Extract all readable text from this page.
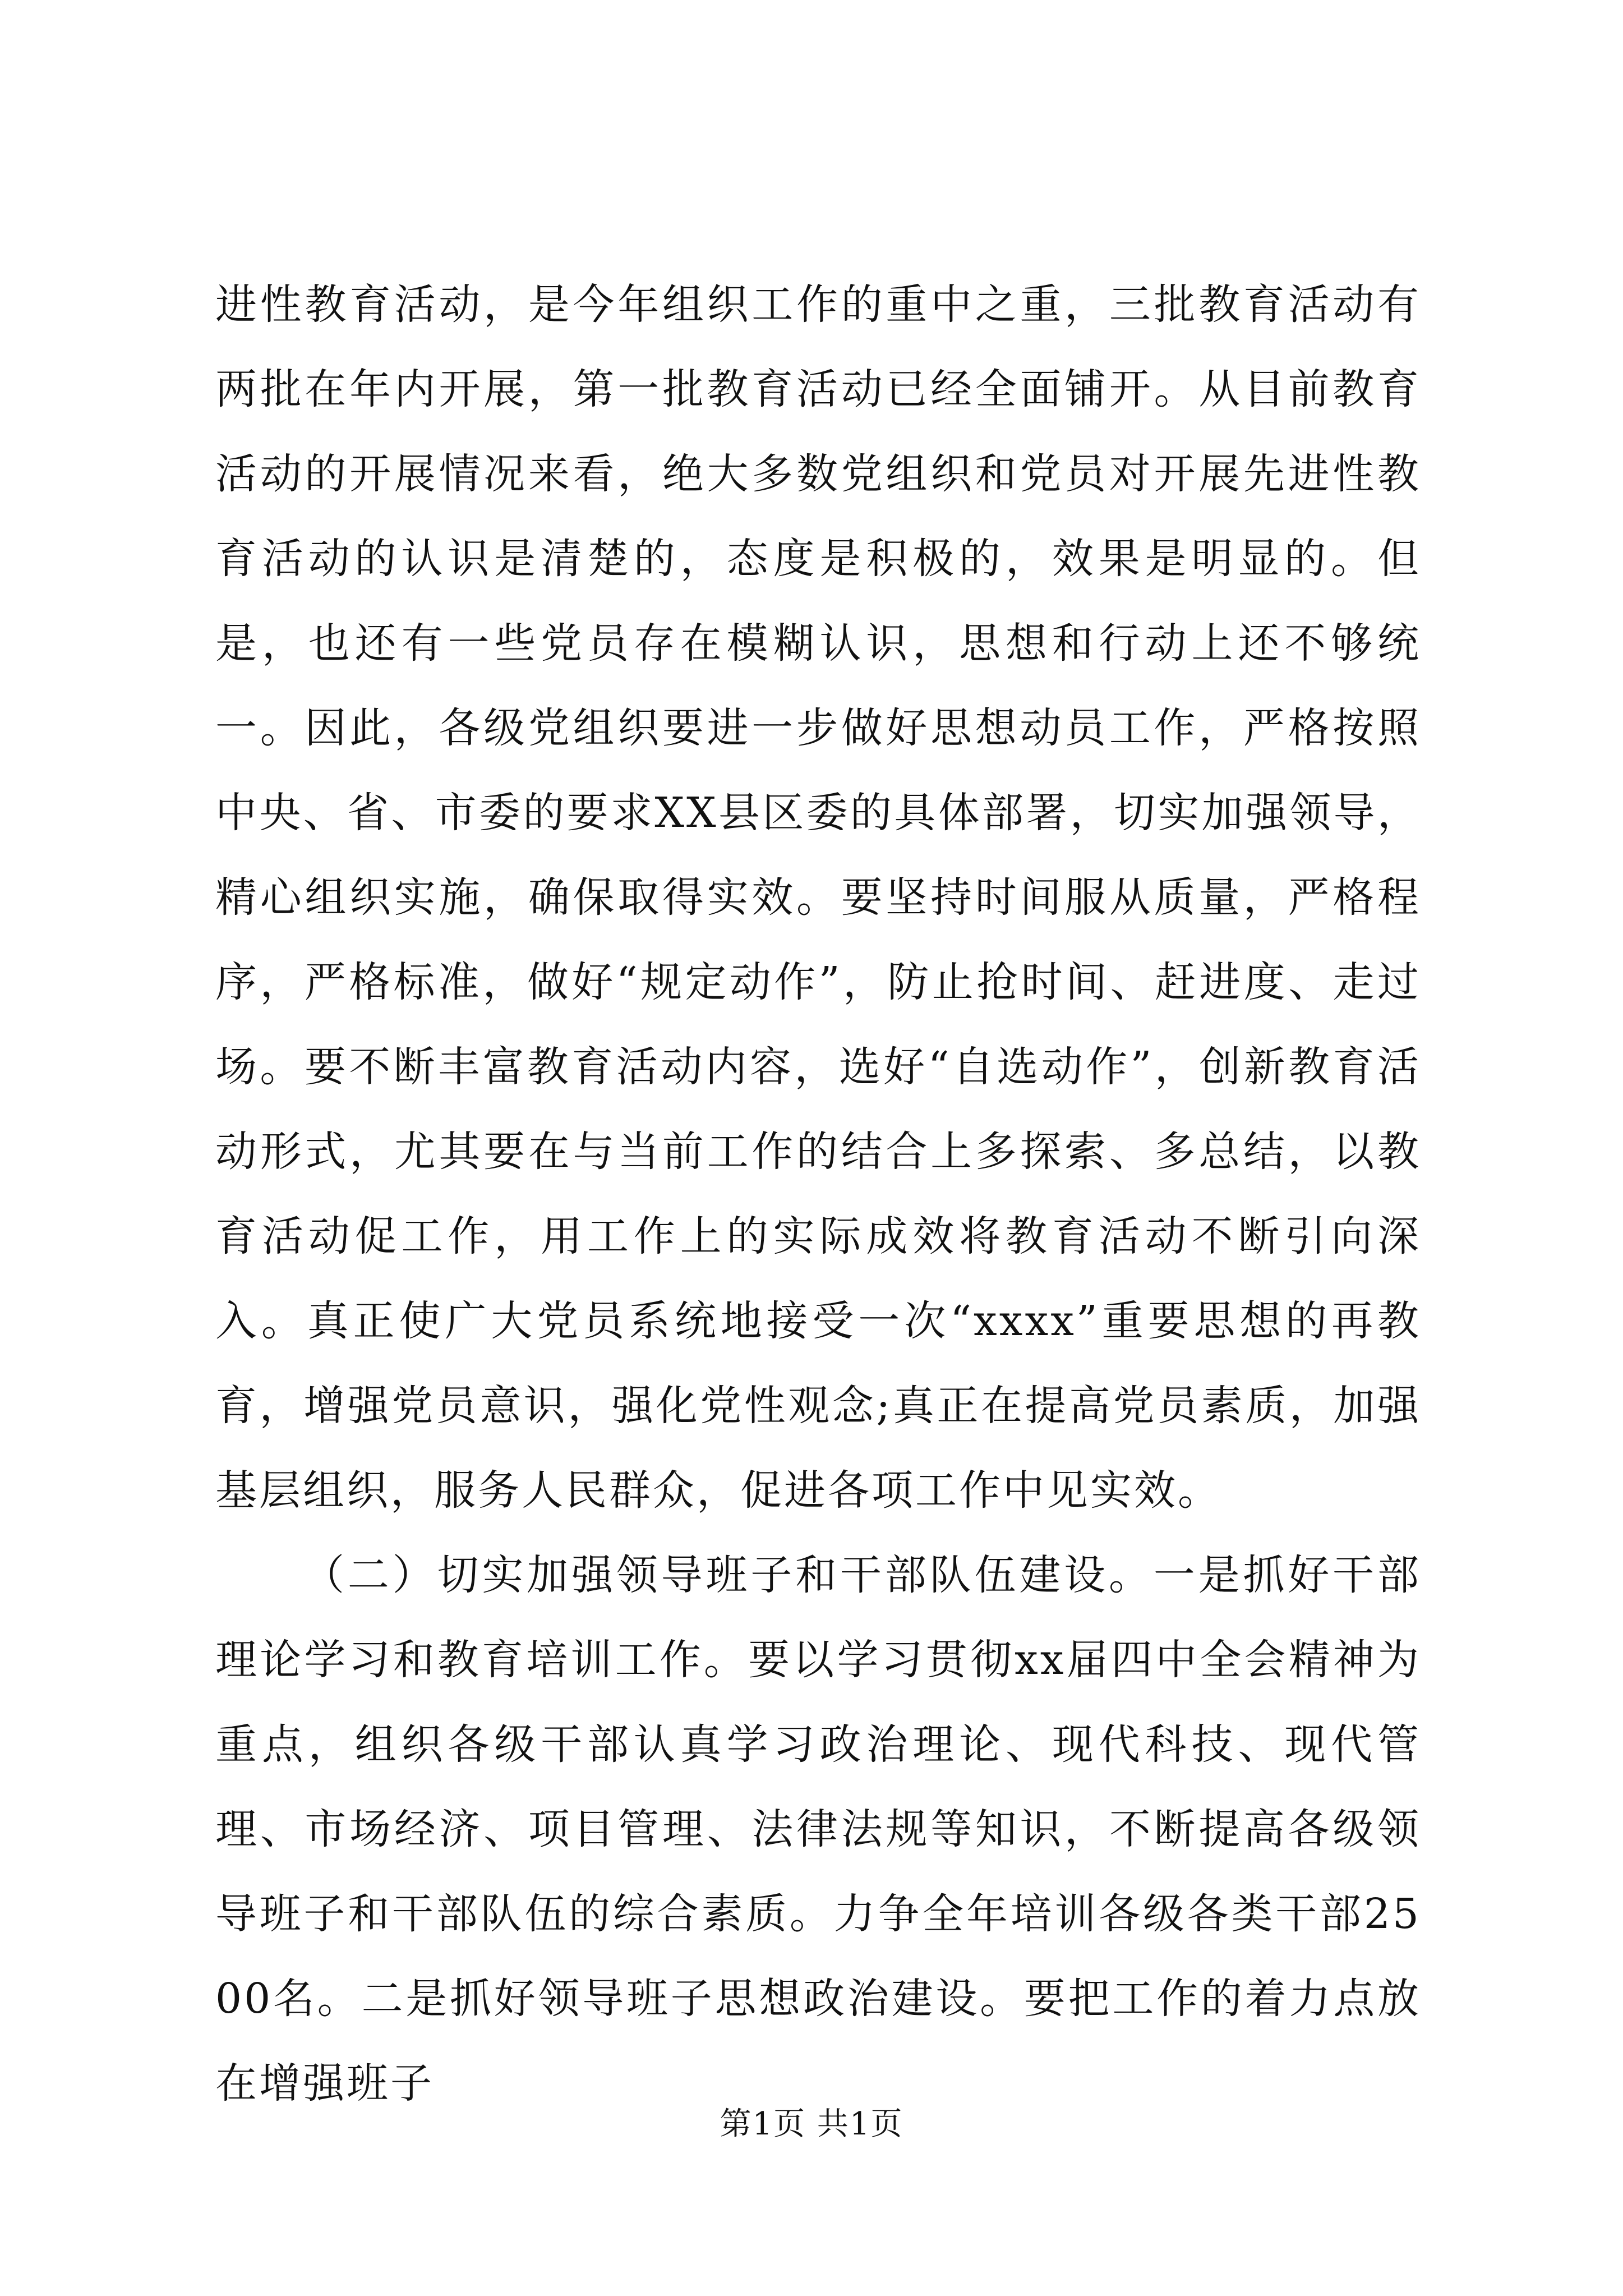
进性教育活动，是今年组织工作的重中之重，三批教育活动有两批在年内开展，第一批教育活动已经全面铺开。从目前教育活动的开展情况来看，绝大多数党组织和党员对开展先进性教育活动的认识是清楚的，态度是积极的，效果是明显的。但是，也还有一些党员存在模糊认识，思想和行动上还不够统一。因此，各级党组织要进一步做好思想动员工作，严格按照中央、省、市委的要求XX县区委的具体部署，切实加强领导，精心组织实施，确保取得实效。要坚持时间服从质量，严格程序，严格标准，做好“规定动作”，防止抢时间、赶进度、走过场。要不断丰富教育活动内容，选好“自选动作”，创新教育活动形式，尤其要在与当前工作的结合上多探索、多总结，以教育活动促工作，用工作上的实际成效将教育活动不断引向深入。真正使广大党员系统地接受一次“xxxx”重要思想的再教育，增强党员意识，强化党性观念;真正在提高党员素质，加强基层组织，服务人民群众，促进各项工作中见实效。

（二）切实加强领导班子和干部队伍建设。一是抓好干部理论学习和教育培训工作。要以学习贯彻xx届四中全会精神为重点，组织各级干部认真学习政治理论、现代科技、现代管理、市场经济、项目管理、法律法规等知识，不断提高各级领导班子和干部队伍的综合素质。力争全年培训各级各类干部2500名。二是抓好领导班子思想政治建设。要把工作的着力点放在增强班子

第1页 共1页
